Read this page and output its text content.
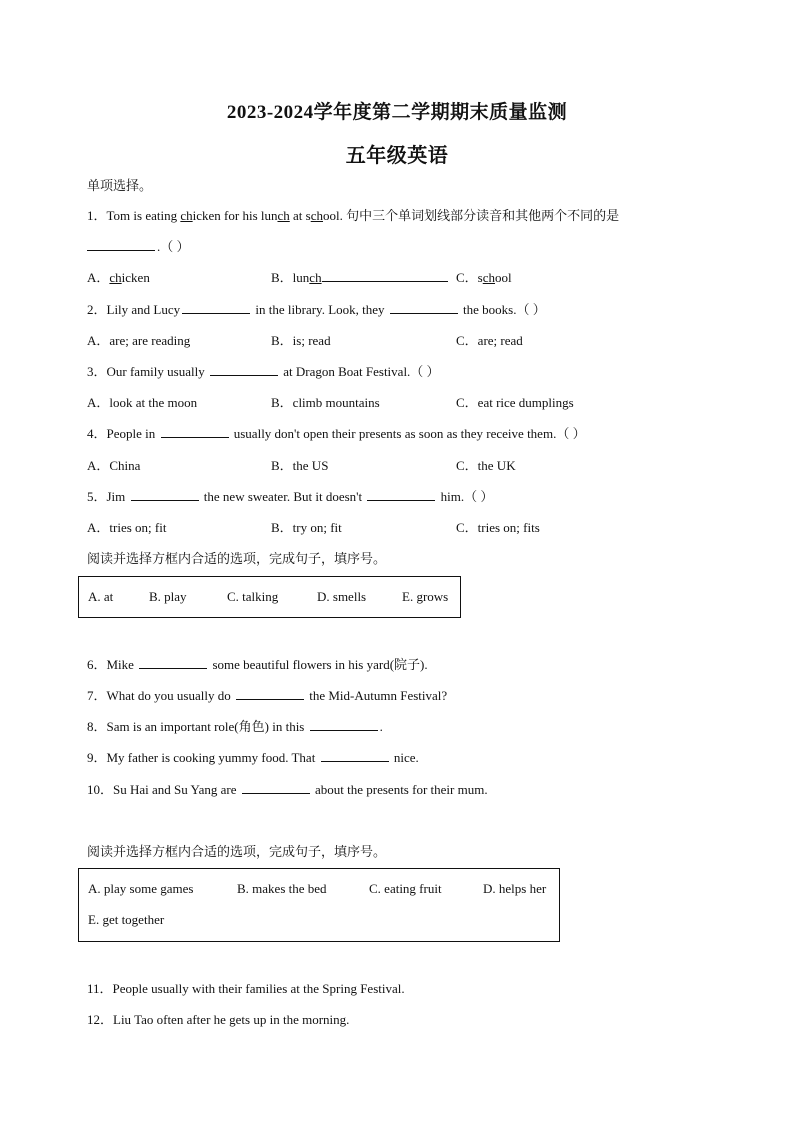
2023-2024学年度第二学期期末质量监测
五年级英语
单项选择。
1．Tom is eating chicken for his lunch at school. 句中三个单词划线部分读音和其他两个不同的是
.（ ）
A．chicken	B．lunch	C．school
2．Lily and Lucy	in the library. Look, they	the books.（ ）
A．are; are reading	B．is; read	C．are; read
3．Our family usually	at Dragon Boat Festival.（ ）
A．look at the moon	B．climb mountains	C．eat rice dumplings
4．People in	usually don't open their presents as soon as they receive them.（ ）
A．China	B．the US	C．the UK
5．Jim	the new sweater. But it doesn't	him.（ ）
A．tries on; fit	B．try on; fit	C．tries on; fits
阅读并选择方框内合适的选项，完成句子，填序号。
A. at	B. play	C. talking	D. smells	E. grows
6．Mike	some beautiful flowers in his yard(院子).
7．What do you usually do	the Mid-Autumn Festival?
8．Sam is an important role(角色) in this	.
9．My father is cooking yummy food. That	nice.
10．Su Hai and Su Yang are	about the presents for their mum.
阅读并选择方框内合适的选项，完成句子，填序号。
A. play some games	B. makes the bed	C. eating fruit	D. helps her
E. get together
11．People usually with their families at the Spring Festival.
12．Liu Tao often after he gets up in the morning.
